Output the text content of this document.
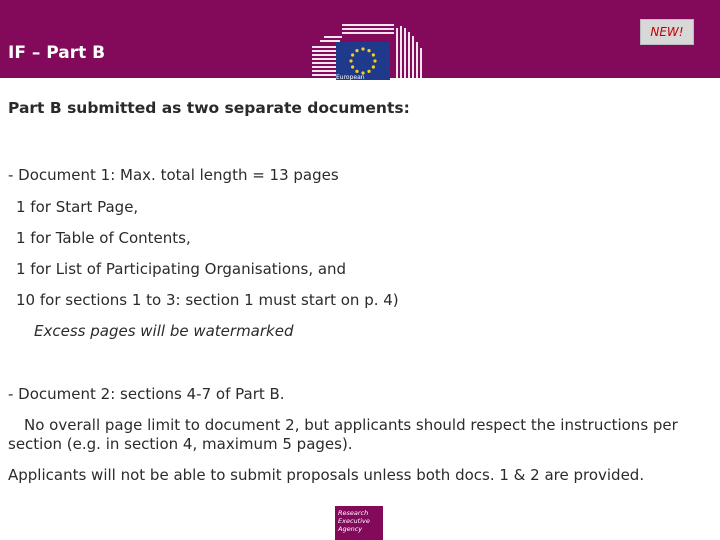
IF – Part B
European
Commission
NEW!
Part B submitted as two separate documents:
- Document 1: Max. total length = 13 pages
1 for Start Page,
1 for Table of Contents,
1 for List of Participating Organisations, and
10 for sections 1 to 3: section 1 must start on p. 4)
Excess pages will be watermarked
- Document 2: sections 4-7 of Part B.
No overall page limit to document 2, but applicants should respect the instructions per section (e.g. in section 4, maximum 5 pages).
Applicants will not be able to submit proposals unless both docs. 1 & 2 are provided.
Research
Executive
Agency
